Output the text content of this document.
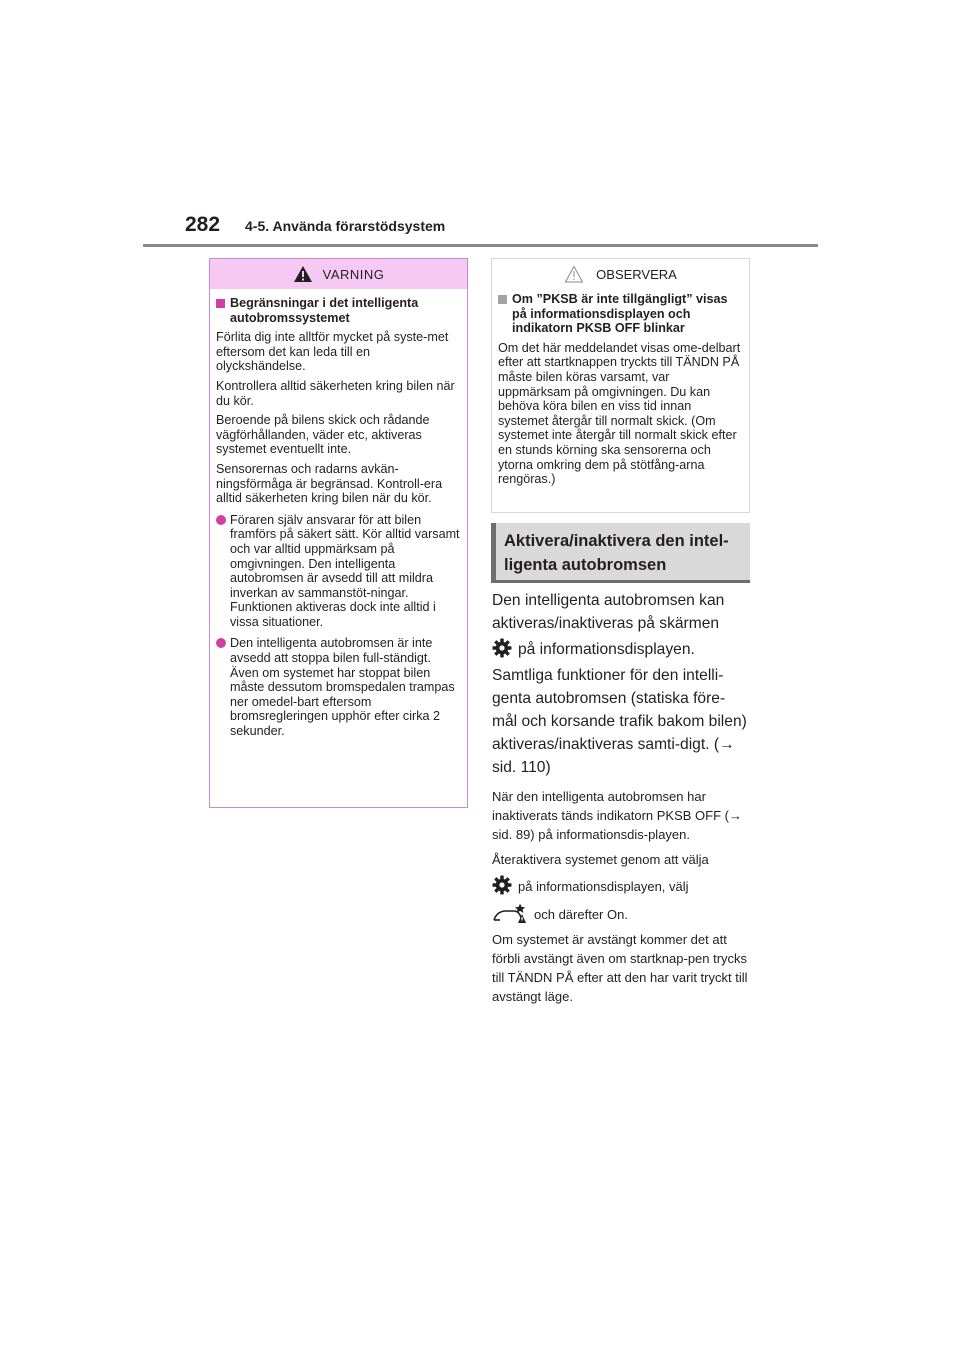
282 4-5. Använda förarstödsystem
VARNING
Begränsningar i det intelligenta autobromssystemet

Förlita dig inte alltför mycket på syste-met eftersom det kan leda till en olyckshändelse.

Kontrollera alltid säkerheten kring bilen när du kör.

Beroende på bilens skick och rådande vägförhållanden, väder etc, aktiveras systemet eventuellt inte.

Sensorernas och radarns avkän-ningsförmåga är begränsad. Kontroll-era alltid säkerheten kring bilen när du kör.

Föraren själv ansvarar för att bilen framförs på säkert sätt. Kör alltid varsamt och var alltid uppmärksam på omgivningen. Den intelligenta autobromsen är avsedd till att mildra inverkan av sammanstöt-ningar. Funktionen aktiveras dock inte alltid i vissa situationer.
Den intelligenta autobromsen är inte avsedd att stoppa bilen full-ständigt. Även om systemet har stoppat bilen måste dessutom bromspedalen trampas ner omedel-bart eftersom bromsregleringen upphör efter cirka 2 sekunder.
OBSERVERA
Om ”PKSB är inte tillgängligt” visas på informationsdisplayen och indikatorn PKSB OFF blinkar

Om det här meddelandet visas ome-delbart efter att startknappen tryckts till TÄNDN PÅ måste bilen köras varsamt, var uppmärksam på omgivningen. Du kan behöva köra bilen en viss tid innan systemet återgår till normalt skick. (Om systemet inte återgår till normalt skick efter en stunds körning ska sensorerna och ytorna omkring dem på stötfång-arna rengöras.)

Aktivera/inaktivera den intel-ligenta autobromsen

Den intelligenta autobromsen kan aktiveras/inaktiveras på skärmen

på informationsdisplayen.

Samtliga funktioner för den intelli-genta autobromsen (statiska före-mål och korsande trafik bakom bilen) aktiveras/inaktiveras samti-digt. (→ sid. 110)

När den intelligenta autobromsen har inaktiverats tänds indikatorn PKSB OFF (→ sid. 89) på informationsdis-playen.

Återaktivera systemet genom att välja

på informationsdisplayen, välj

och därefter On.

Om systemet är avstängt kommer det att förbli avstängt även om startknap-pen trycks till TÄNDN PÅ efter att den har varit tryckt till avstängt läge.
